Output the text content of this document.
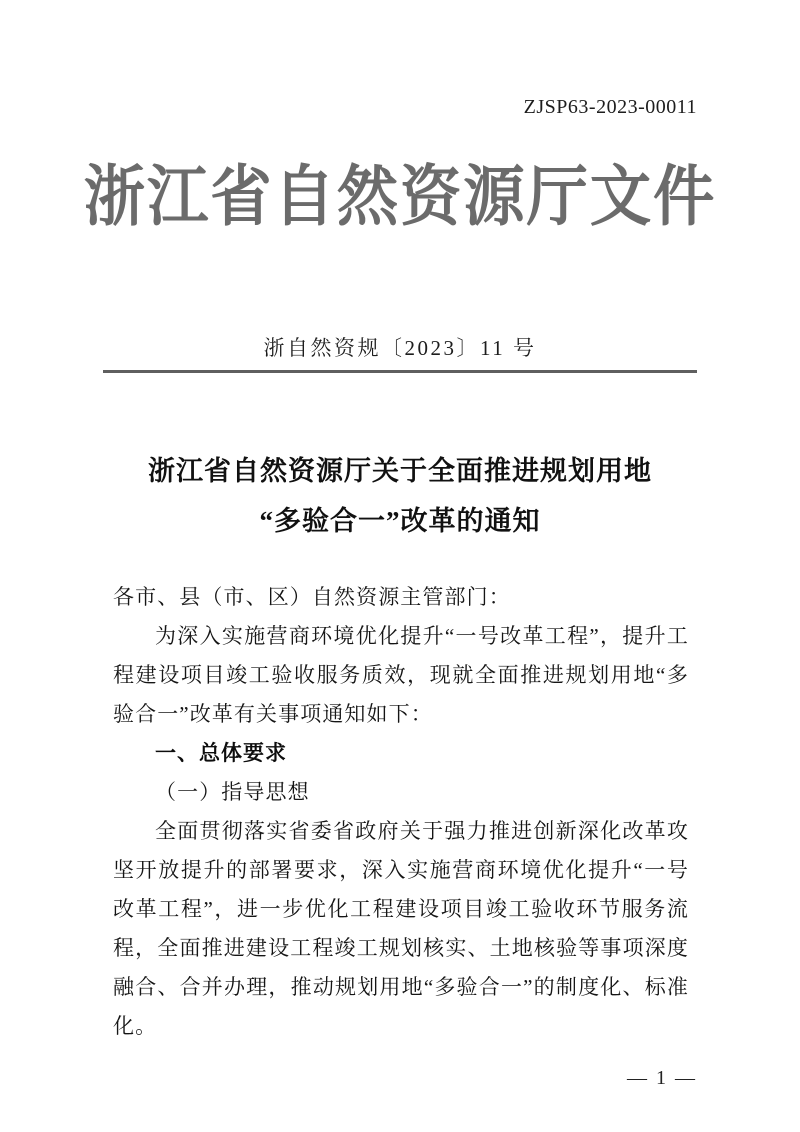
ZJSP63-2023-00011
浙江省自然资源厅文件
浙自然资规〔2023〕11 号
浙江省自然资源厅关于全面推进规划用地
“多验合一”改革的通知

各市、县（市、区）自然资源主管部门：

为深入实施营商环境优化提升“一号改革工程”，提升工程建设项目竣工验收服务质效，现就全面推进规划用地“多验合一”改革有关事项通知如下：

一、总体要求

（一）指导思想

全面贯彻落实省委省政府关于强力推进创新深化改革攻坚开放提升的部署要求，深入实施营商环境优化提升“一号改革工程”，进一步优化工程建设项目竣工验收环节服务流程，全面推进建设工程竣工规划核实、土地核验等事项深度融合、合并办理，推动规划用地“多验合一”的制度化、标准化。

— 1 —
